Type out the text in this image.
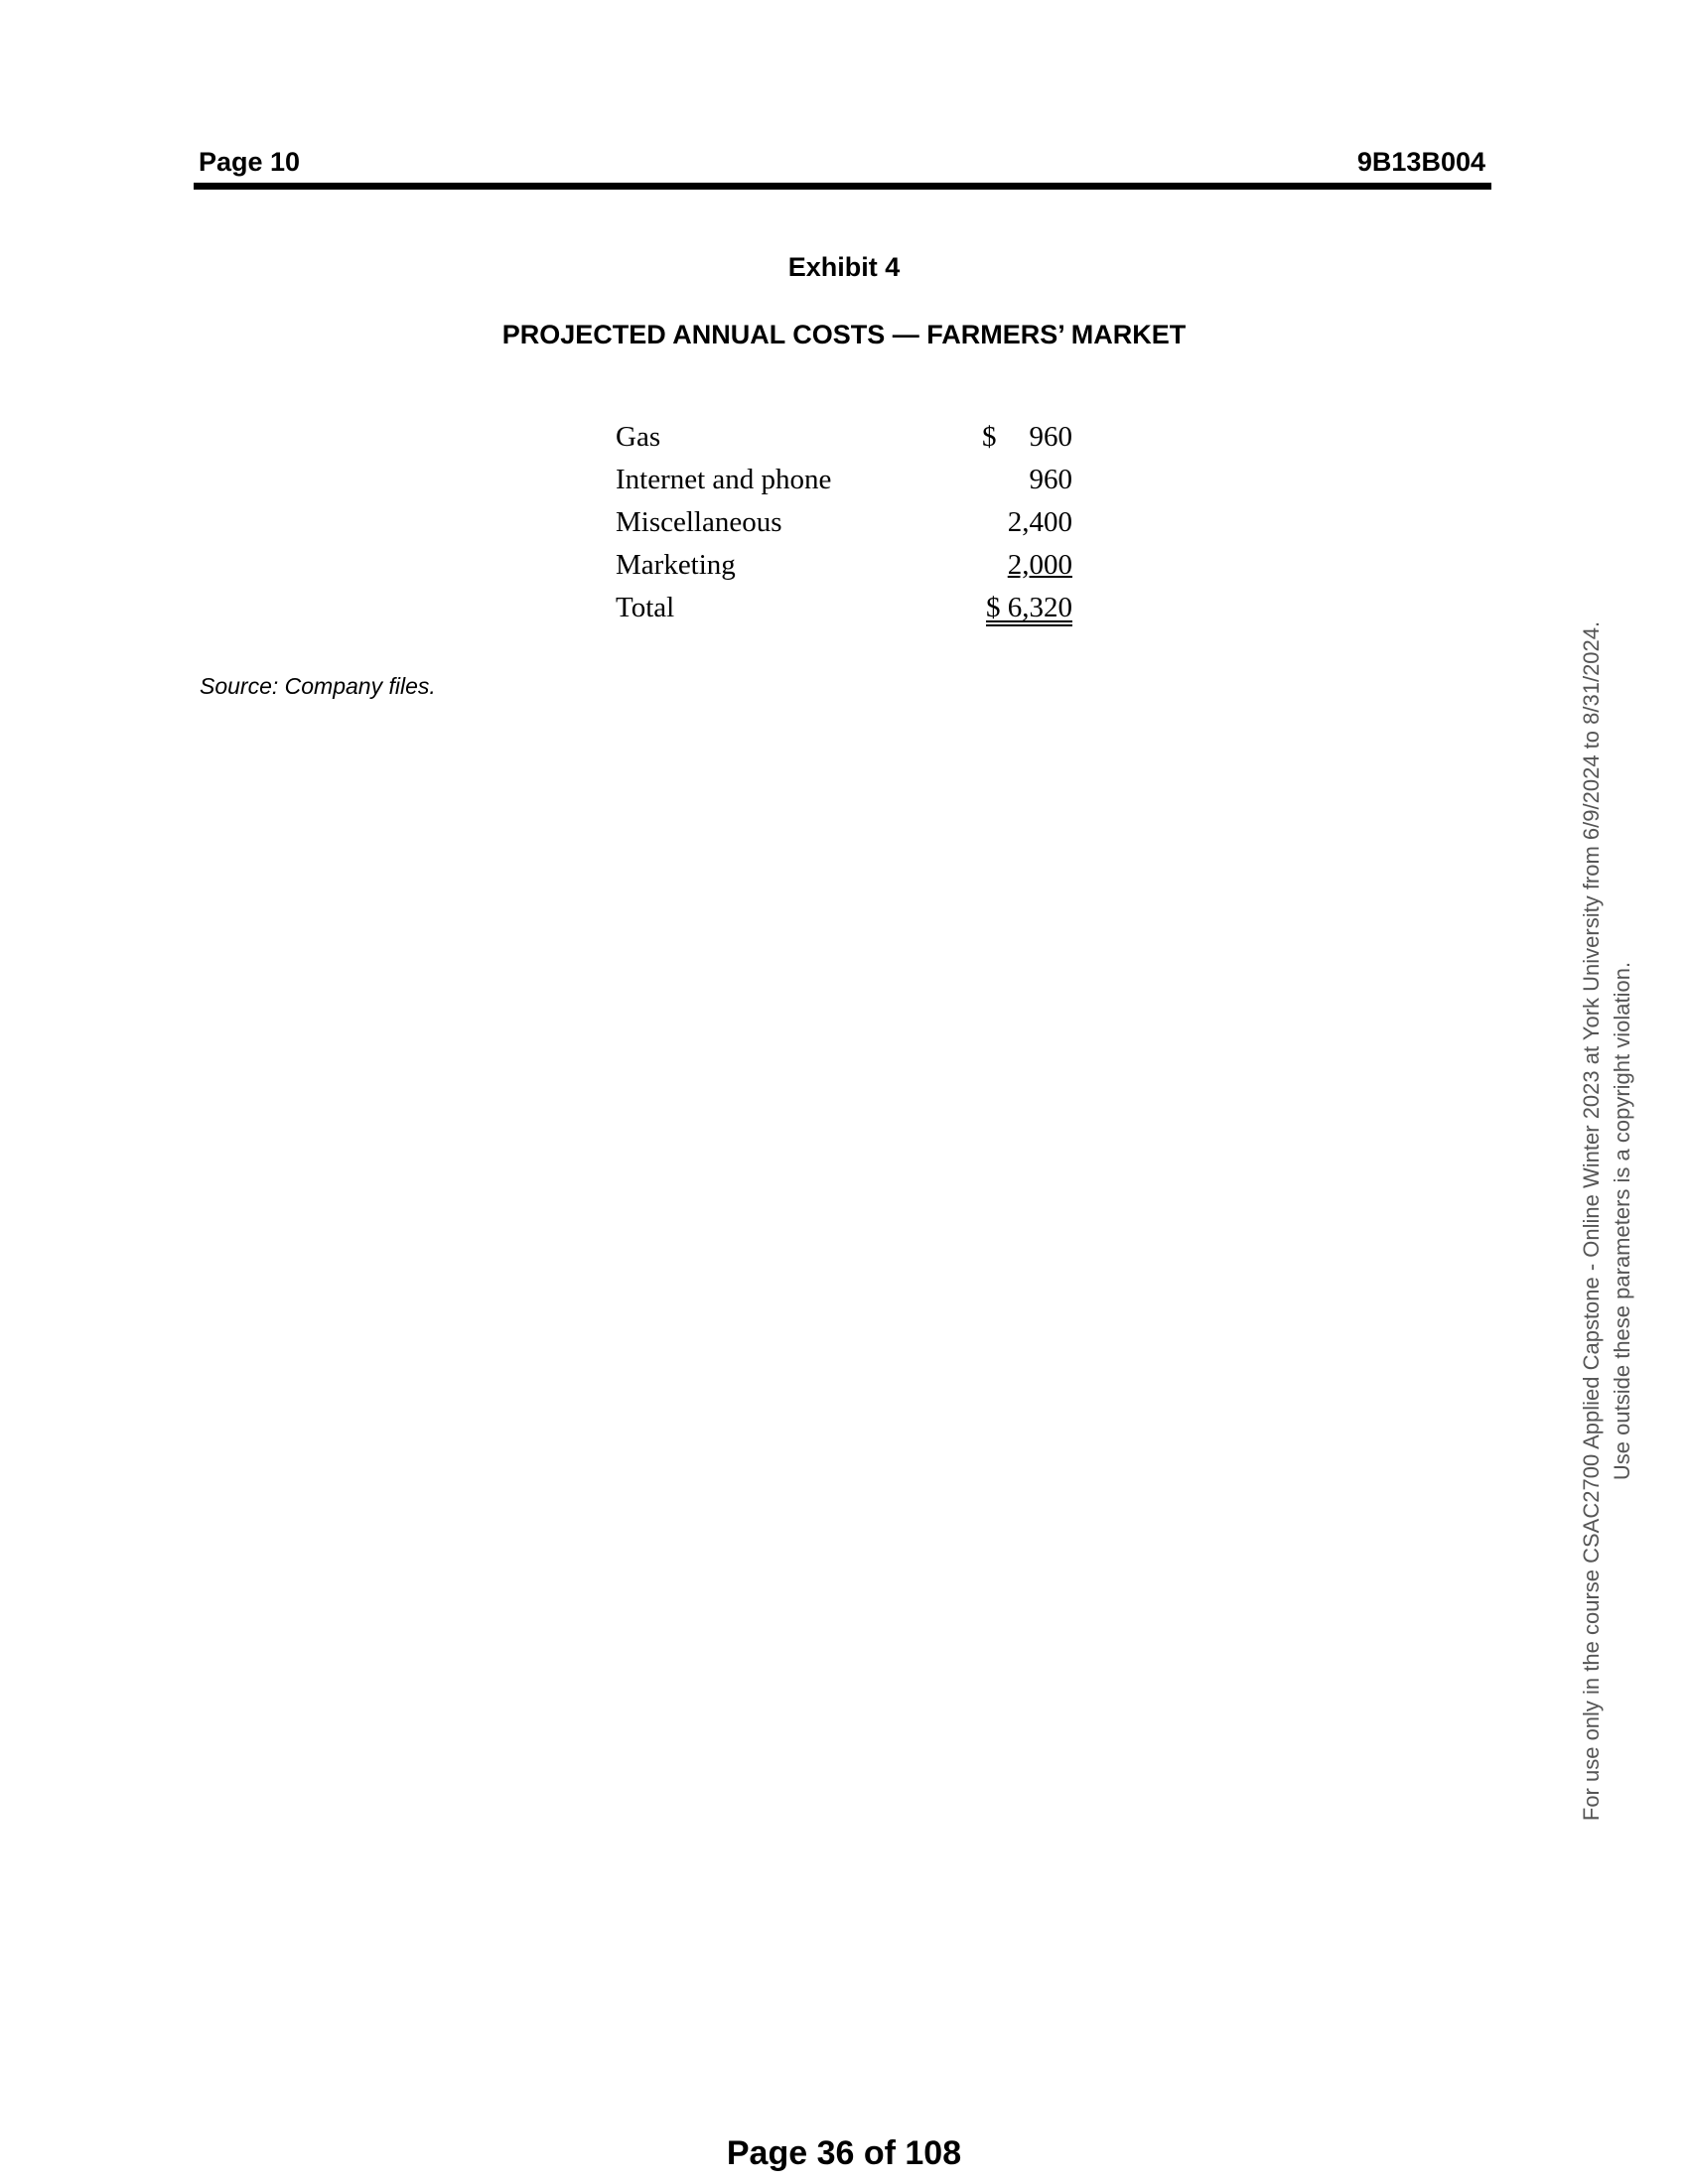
Page 10	9B13B004
Exhibit 4
PROJECTED ANNUAL COSTS — FARMERS’ MARKET
Gas	$	960
Internet and phone	960
Miscellaneous	2,400
Marketing	2,000
Total	$ 6,320
Source: Company files.	For use only in the course CSAC2700 Applied Capstone - Online Winter 2023 at York University from 6/9/2024 to 8/31/2024. Use outside these parameters is a copyright violation.
Page 36 of 108
